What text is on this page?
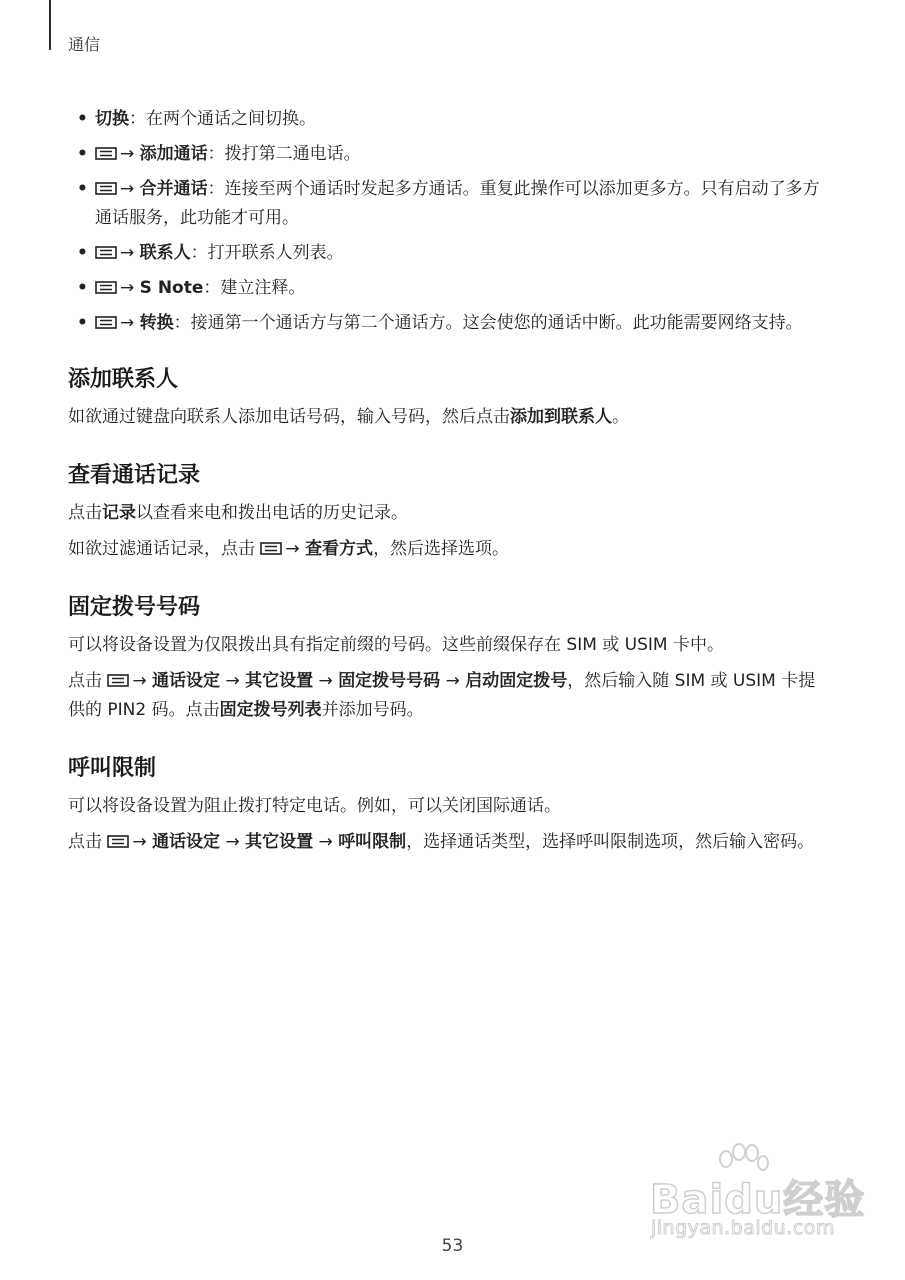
通信
• 切换：在两个通话之间切换。
• → 添加通话：拨打第二通电话。
• → 合并通话：连接至两个通话时发起多方通话。重复此操作可以添加更多方。只有启动了多方通话服务，此功能才可用。
• → 联系人：打开联系人列表。
• → S Note：建立注释。
• → 转换：接通第一个通话方与第二个通话方。这会使您的通话中断。此功能需要网络支持。
添加联系人

如欲通过键盘向联系人添加电话号码，输入号码，然后点击添加到联系人。

查看通话记录

点击记录以查看来电和拨出电话的历史记录。

如欲过滤通话记录，点击
→ 查看方式，然后选择选项。

固定拨号号码

可以将设备设置为仅限拨出具有指定前缀的号码。这些前缀保存在 SIM 或 USIM 卡中。

点击
→ 通话设定 → 其它设置 → 固定拨号号码 → 启动固定拨号，然后输入随 SIM 或 USIM 卡提供的 PIN2 码。点击固定拨号列表并添加号码。

呼叫限制

可以将设备设置为阻止拨打特定电话。例如，可以关闭国际通话。

点击
→ 通话设定 → 其它设置 → 呼叫限制，选择通话类型，选择呼叫限制选项，然后输入密码。

Baidu经验
jingyan.baidu.com
53
